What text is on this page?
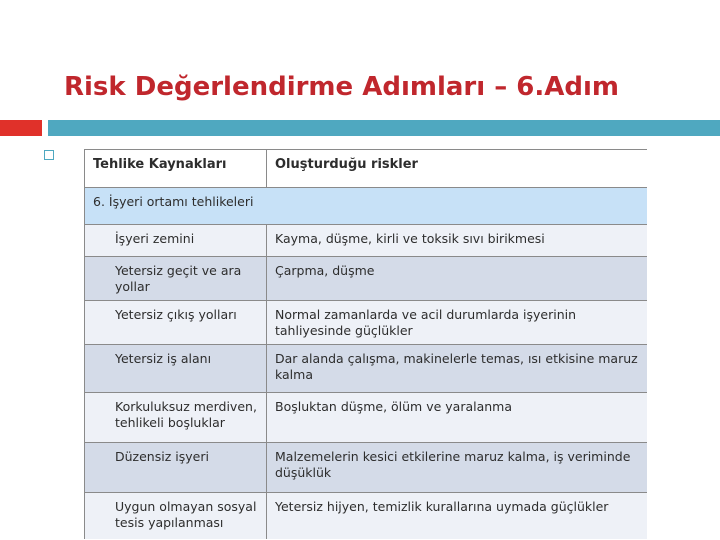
Risk Değerlendirme Adımları – 6.Adım
Tehlike Kaynakları	Oluşturduğu riskler
6. İşyeri ortamı tehlikeleri	
İşyeri zemini	Kayma, düşme, kirli ve toksik sıvı birikmesi
Yetersiz geçit ve ara yollar	Çarpma, düşme
Yetersiz çıkış yolları	Normal zamanlarda ve acil durumlarda işyerinin tahliyesinde güçlükler
Yetersiz iş alanı	Dar alanda çalışma, makinelerle temas, ısı etkisine maruz kalma
Korkuluksuz merdiven, tehlikeli boşluklar	Boşluktan düşme, ölüm ve yaralanma
Düzensiz işyeri	Malzemelerin kesici etkilerine maruz kalma, iş veriminde düşüklük
Uygun olmayan sosyal tesis yapılanması	Yetersiz hijyen, temizlik kurallarına uymada güçlükler
